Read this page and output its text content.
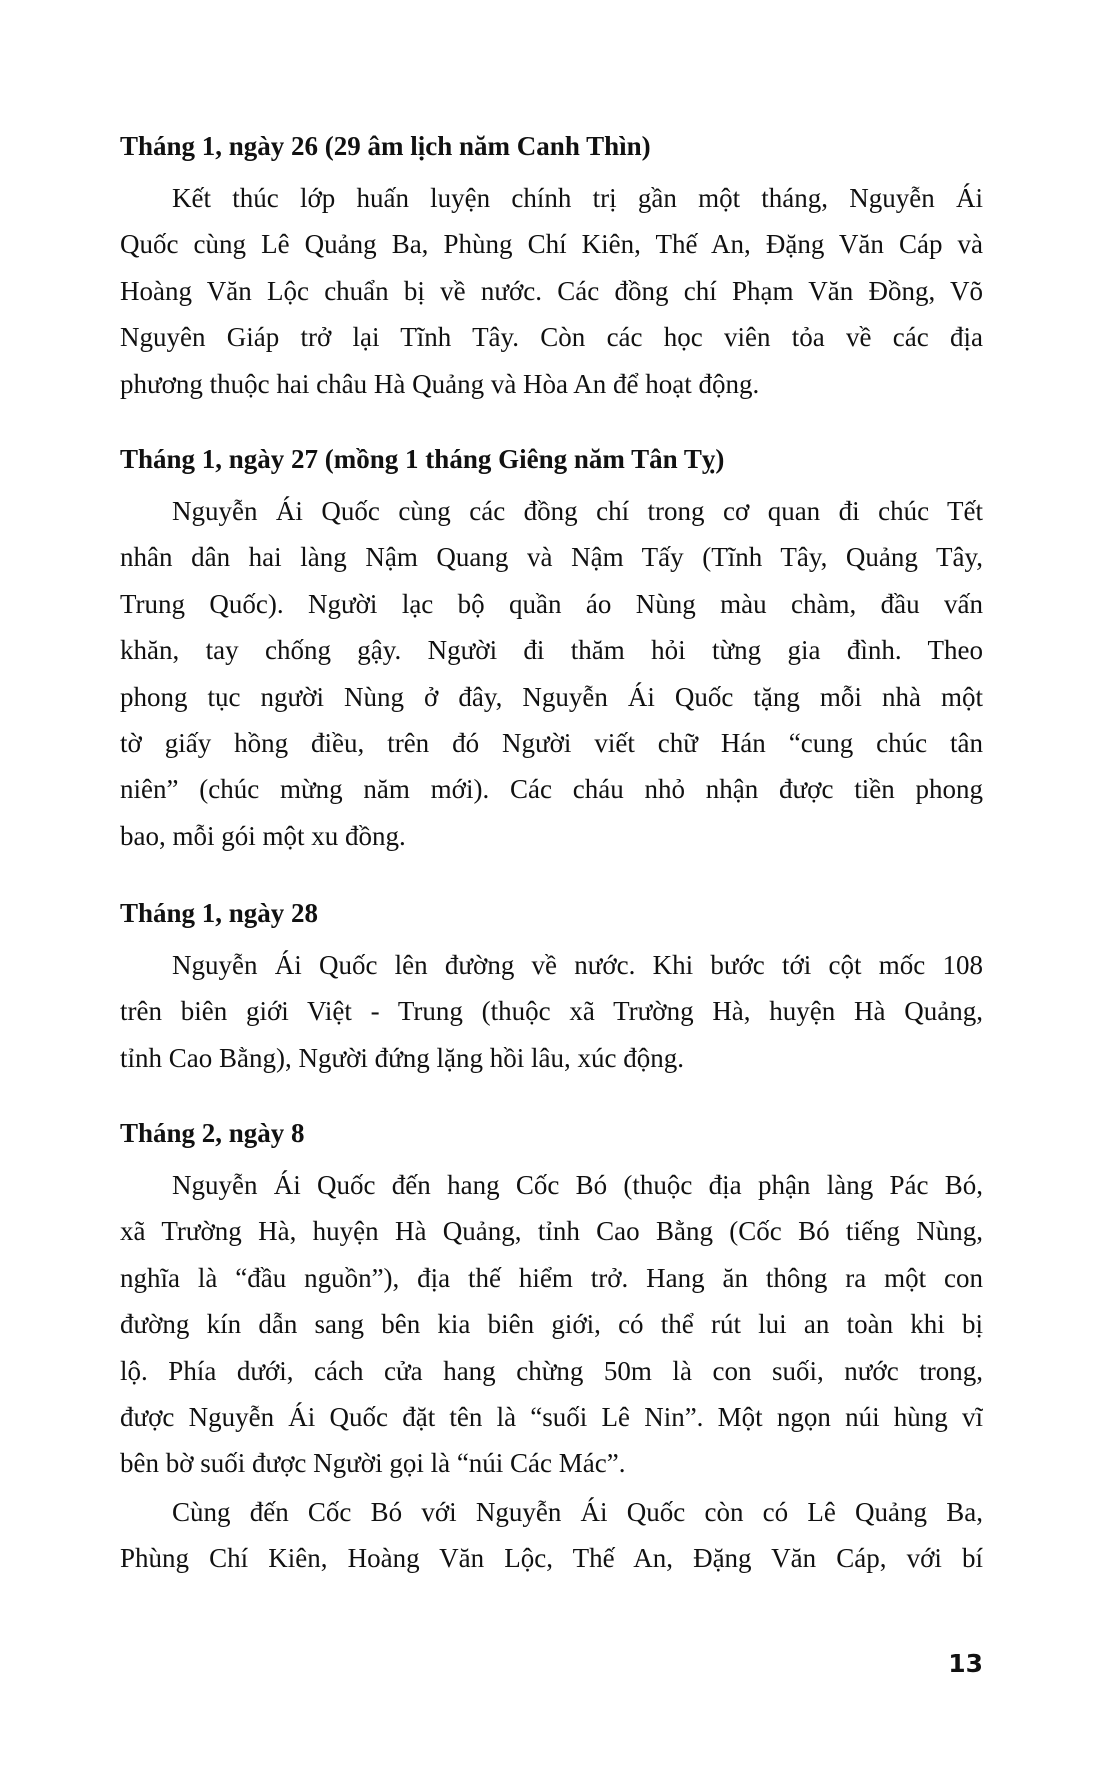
Tháng 1, ngày 26 (29 âm lịch năm Canh Thìn)
Kết thúc lớp huấn luyện chính trị gần một tháng, Nguyễn Ái
Quốc cùng Lê Quảng Ba, Phùng Chí Kiên, Thế An, Đặng Văn Cáp và
Hoàng Văn Lộc chuẩn bị về nước. Các đồng chí Phạm Văn Đồng, Võ
Nguyên Giáp trở lại Tĩnh Tây. Còn các học viên tỏa về các địa
phương thuộc hai châu Hà Quảng và Hòa An để hoạt động.
Tháng 1, ngày 27 (mồng 1 tháng Giêng năm Tân Tỵ)
Nguyễn Ái Quốc cùng các đồng chí trong cơ quan đi chúc Tết
nhân dân hai làng Nậm Quang và Nậm Tấy (Tĩnh Tây, Quảng Tây,
Trung Quốc). Người lạc bộ quần áo Nùng màu chàm, đầu vấn
khăn, tay chống gậy. Người đi thăm hỏi từng gia đình. Theo
phong tục người Nùng ở đây, Nguyễn Ái Quốc tặng mỗi nhà một
tờ giấy hồng điều, trên đó Người viết chữ Hán “cung chúc tân
niên” (chúc mừng năm mới). Các cháu nhỏ nhận được tiền phong
bao, mỗi gói một xu đồng.
Tháng 1, ngày 28
Nguyễn Ái Quốc lên đường về nước. Khi bước tới cột mốc 108
trên biên giới Việt - Trung (thuộc xã Trường Hà, huyện Hà Quảng,
tỉnh Cao Bằng), Người đứng lặng hồi lâu, xúc động.
Tháng 2, ngày 8
Nguyễn Ái Quốc đến hang Cốc Bó (thuộc địa phận làng Pác Bó,
xã Trường Hà, huyện Hà Quảng, tỉnh Cao Bằng (Cốc Bó tiếng Nùng,
nghĩa là “đầu nguồn”), địa thế hiểm trở. Hang ăn thông ra một con
đường kín dẫn sang bên kia biên giới, có thể rút lui an toàn khi bị
lộ. Phía dưới, cách cửa hang chừng 50m là con suối, nước trong,
được Nguyễn Ái Quốc đặt tên là “suối Lê Nin”. Một ngọn núi hùng vĩ
bên bờ suối được Người gọi là “núi Các Mác”.
Cùng đến Cốc Bó với Nguyễn Ái Quốc còn có Lê Quảng Ba,
Phùng Chí Kiên, Hoàng Văn Lộc, Thế An, Đặng Văn Cáp, với bí
13
